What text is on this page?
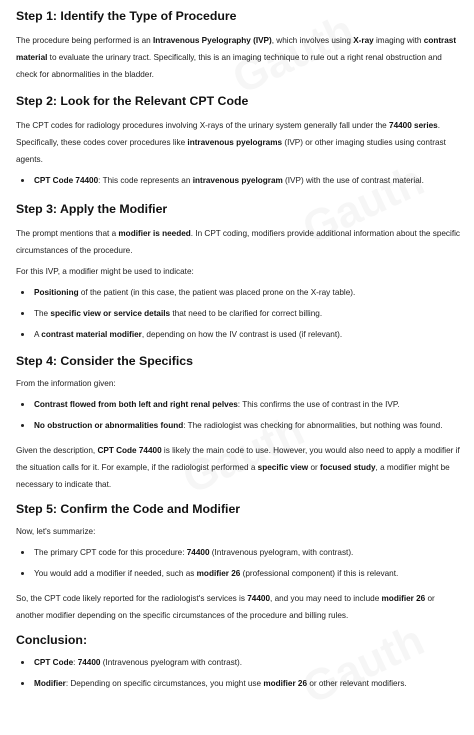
Step 1: Identify the Type of Procedure

The procedure being performed is an Intravenous Pyelography (IVP), which involves using X-ray imaging with contrast material to evaluate the urinary tract. Specifically, this is an imaging technique to rule out a right renal obstruction and check for abnormalities in the bladder.

Step 2: Look for the Relevant CPT Code

The CPT codes for radiology procedures involving X-rays of the urinary system generally fall under the 74400 series. Specifically, these codes cover procedures like intravenous pyelograms (IVP) or other imaging studies using contrast agents.

CPT Code 74400: This code represents an intravenous pyelogram (IVP) with the use of contrast material.
Step 3: Apply the Modifier

The prompt mentions that a modifier is needed. In CPT coding, modifiers provide additional information about the specific circumstances of the procedure.

For this IVP, a modifier might be used to indicate:

Positioning of the patient (in this case, the patient was placed prone on the X-ray table).
The specific view or service details that need to be clarified for correct billing.
A contrast material modifier, depending on how the IV contrast is used (if relevant).
Step 4: Consider the Specifics

From the information given:

Contrast flowed from both left and right renal pelves: This confirms the use of contrast in the IVP.
No obstruction or abnormalities found: The radiologist was checking for abnormalities, but nothing was found.

Given the description, CPT Code 74400 is likely the main code to use. However, you would also need to apply a modifier if the situation calls for it. For example, if the radiologist performed a specific view or focused study, a modifier might be necessary to indicate that.

Step 5: Confirm the Code and Modifier

Now, let's summarize:

The primary CPT code for this procedure: 74400 (Intravenous pyelogram, with contrast).
You would add a modifier if needed, such as modifier 26 (professional component) if this is relevant.

So, the CPT code likely reported for the radiologist's services is 74400, and you may need to include modifier 26 or another modifier depending on the specific circumstances of the procedure and billing rules.

Conclusion:
CPT Code: 74400 (Intravenous pyelogram with contrast).
Modifier: Depending on specific circumstances, you might use modifier 26 or other relevant modifiers.
